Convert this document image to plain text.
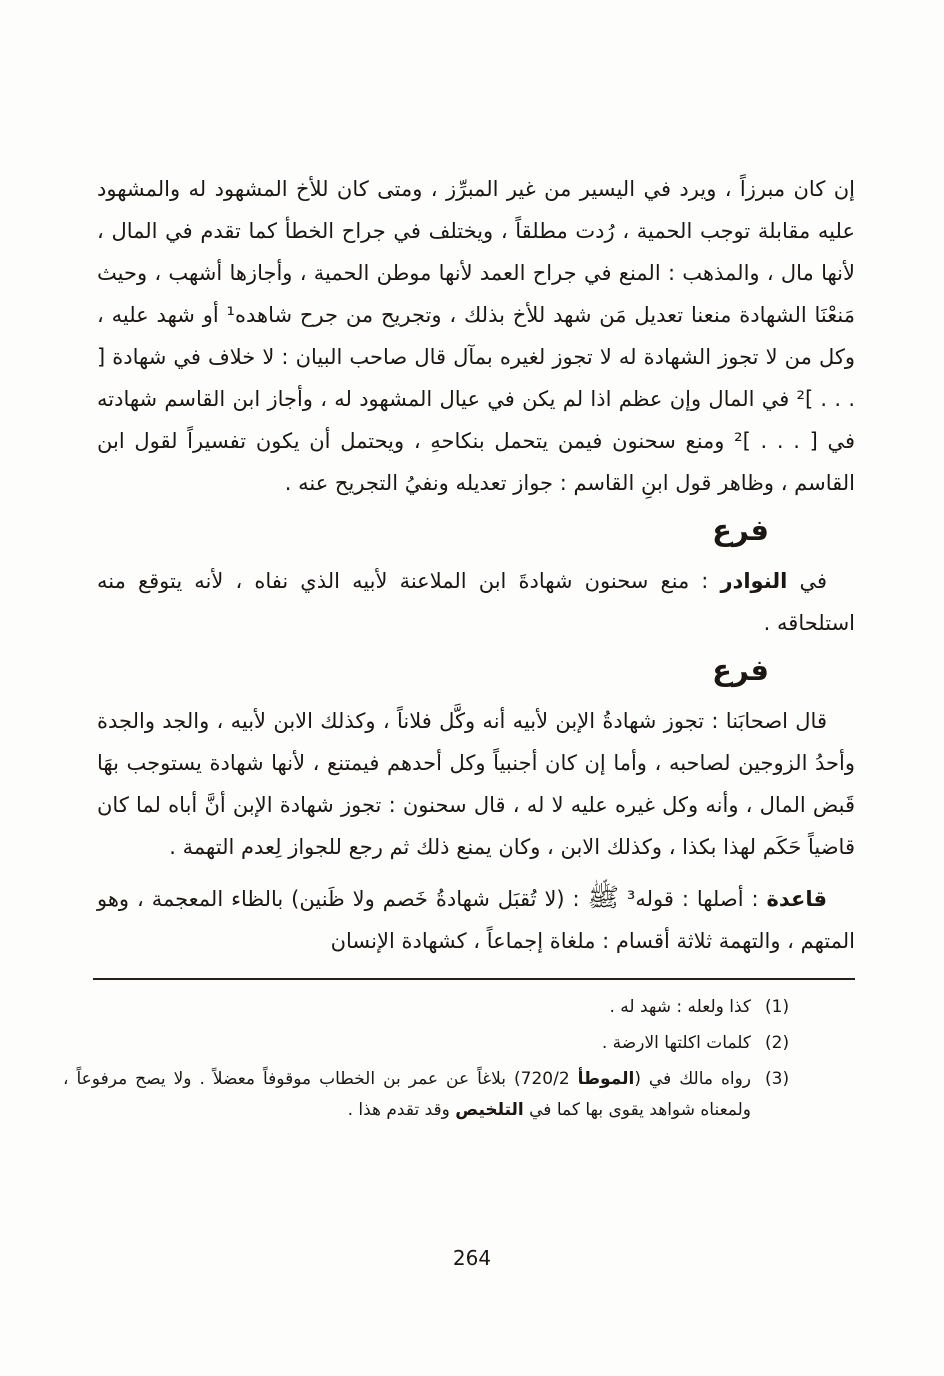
إن كان مبرزاً ، ويرد في اليسير من غير المبرِّز ، ومتى كان للأخ المشهود له والمشهود عليه مقابلة توجب الحمية ، رُدت مطلقاً ، ويختلف في جراح الخطأ كما تقدم في المال ، لأنها مال ، والمذهب : المنع في جراح العمد لأنها موطن الحمية ، وأجازها أشهب ، وحيث مَنعْنَا الشهادة منعنا تعديل مَن شهد للأخ بذلك ، وتجريح من جرح شاهده¹ أو شهد عليه ، وكل من لا تجوز الشهادة له لا تجوز لغيره بمآل قال صاحب البيان : لا خلاف في شهادة [ . . . ]² في المال وإن عظم اذا لم يكن في عيال المشهود له ، وأجاز ابن القاسم شهادته في [ . . . ]² ومنع سحنون فيمن يتحمل بنكاحهِ ، ويحتمل أن يكون تفسيراً لقول ابن القاسم ، وظاهر قول ابنِ القاسم : جواز تعديله ونفيُ التجريح عنه .

فرع

في النوادر : منع سحنون شهادةَ ابن الملاعنة لأبيه الذي نفاه ، لأنه يتوقع منه استلحاقه .

فرع

قال اصحابَنا : تجوز شهادةُ الإبن لأبيه أنه وكَّل فلاناً ، وكذلك الابن لأبيه ، والجد والجدة وأحدُ الزوجين لصاحبه ، وأما إن كان أجنبياً وكل أحدهم فيمتنع ، لأنها شهادة يستوجب بهَا قَبض المال ، وأنه وكل غيره عليه لا له ، قال سحنون : تجوز شهادة الإبن أنَّ أباه لما كان قاضياً حَكَم لهذا بكذا ، وكذلك الابن ، وكان يمنع ذلك ثم رجع للجواز لِعدم التهمة .

قاعدة : أصلها : قوله³ ﷺ : (لا تُقبَل شهادةُ خَصم ولا ظَنين) بالظاء المعجمة ، وهو المتهم ، والتهمة ثلاثة أقسام : ملغاة إجماعاً ، كشهادة الإنسان

(1)
كذا ولعله : شهد له .
(2)
كلمات اكلتها الارضة .
(3)
رواه مالك في (الموطأ 720/2) بلاغاً عن عمر بن الخطاب موقوفاً معضلاً . ولا يصح مرفوعاً ، ولمعناه شواهد يقوى بها كما في التلخيص وقد تقدم هذا .
264
